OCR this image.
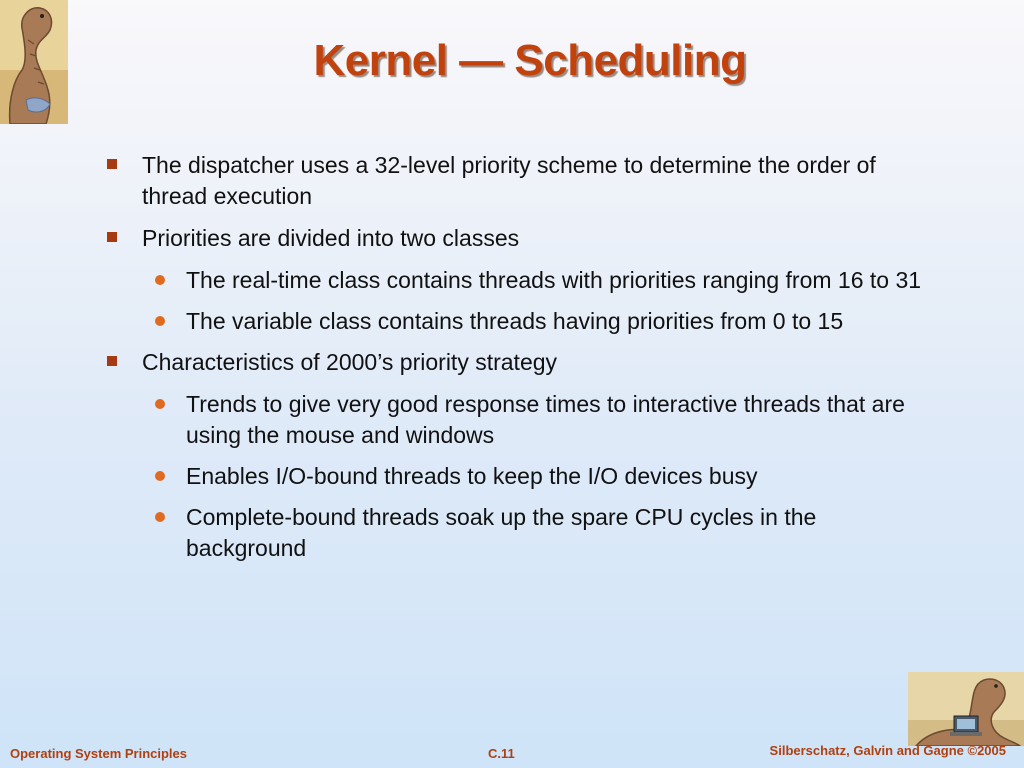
Kernel — Scheduling
The dispatcher uses a 32-level priority scheme to determine the order of thread execution
Priorities are divided into two classes
The real-time class contains threads with priorities ranging from 16 to 31
The variable class contains threads having priorities from 0 to 15
Characteristics of 2000’s priority strategy
Trends to give very good response times to interactive threads that are using the mouse and windows
Enables I/O-bound threads to keep the I/O devices busy
Complete-bound threads soak up the spare CPU cycles in the background
Operating System Principles	C.11	Silberschatz, Galvin and Gagne ©2005
